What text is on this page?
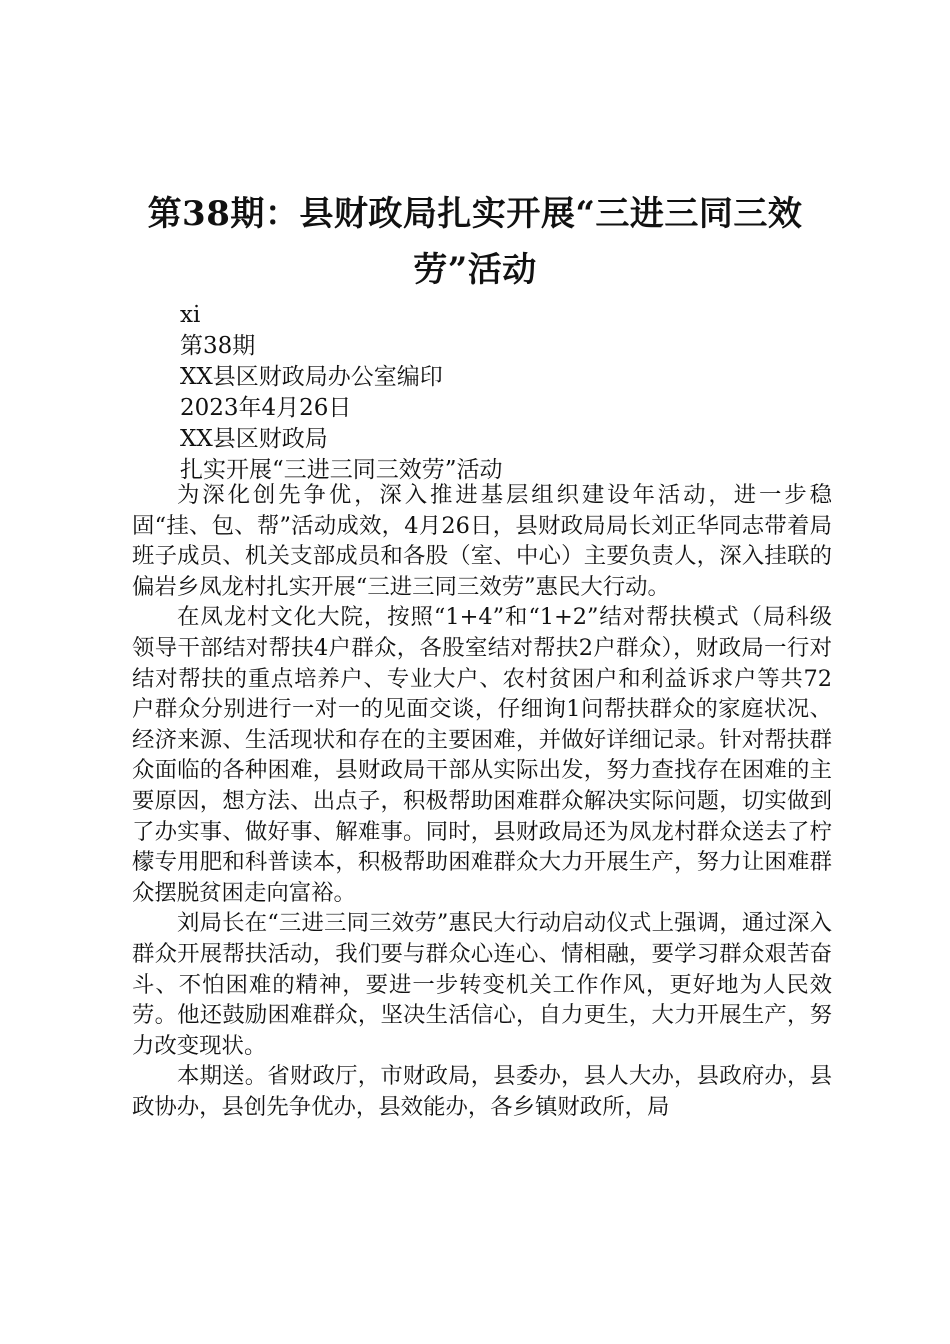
第38期：县财政局扎实开展“三进三同三效
劳”活动
xi
第38期
XX县区财政局办公室编印
2023年4月26日
XX县区财政局
扎实开展“三进三同三效劳”活动

为深化创先争优，深入推进基层组织建设年活动，进一步稳固“挂、包、帮”活动成效，4月26日，县财政局局长刘正华同志带着局班子成员、机关支部成员和各股（室、中心）主要负责人，深入挂联的偏岩乡凤龙村扎实开展“三进三同三效劳”惠民大行动。

在凤龙村文化大院，按照“1+4”和“1+2”结对帮扶模式（局科级领导干部结对帮扶4户群众，各股室结对帮扶2户群众），财政局一行对结对帮扶的重点培养户、专业大户、农村贫困户和利益诉求户等共72户群众分别进行一对一的见面交谈，仔细询1问帮扶群众的家庭状况、经济来源、生活现状和存在的主要困难，并做好详细记录。针对帮扶群众面临的各种困难，县财政局干部从实际出发，努力查找存在困难的主要原因，想方法、出点子，积极帮助困难群众解决实际问题，切实做到了办实事、做好事、解难事。同时，县财政局还为凤龙村群众送去了柠檬专用肥和科普读本，积极帮助困难群众大力开展生产，努力让困难群众摆脱贫困走向富裕。

刘局长在“三进三同三效劳”惠民大行动启动仪式上强调，通过深入群众开展帮扶活动，我们要与群众心连心、情相融，要学习群众艰苦奋斗、不怕困难的精神，要进一步转变机关工作作风，更好地为人民效劳。他还鼓励困难群众，坚决生活信心，自力更生，大力开展生产，努力改变现状。

本期送。省财政厅，市财政局，县委办，县人大办，县政府办，县政协办，县创先争优办，县效能办，各乡镇财政所，局
